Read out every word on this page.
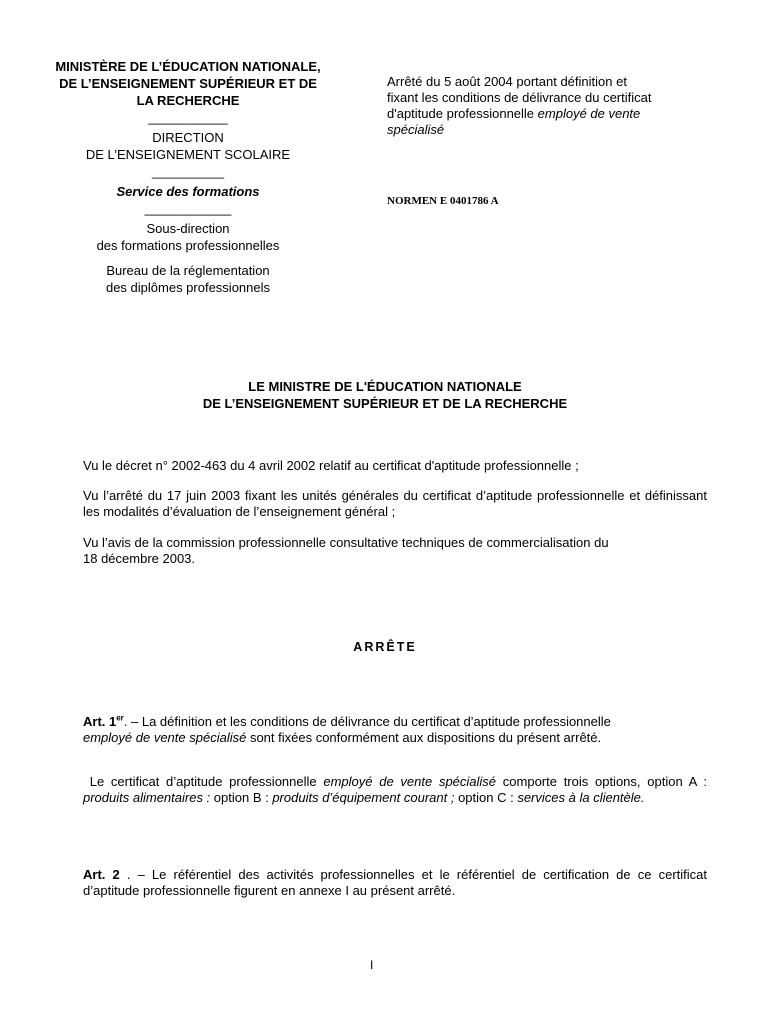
MINISTÈRE DE L’ÉDUCATION NATIONALE,
DE L’ENSEIGNEMENT SUPÉRIEUR ET DE
LA RECHERCHE
___________
DIRECTION
DE L’ENSEIGNEMENT SCOLAIRE
__________
Service des formations
____________
Sous-direction
des formations professionnelles
Bureau de la réglementation
des diplômes professionnels
Arrêté du 5 août 2004 portant définition et
fixant les conditions de délivrance du certificat
d'aptitude professionnelle employé de vente
spécialisé
NORMEN E 0401786 A
LE MINISTRE DE L'ÉDUCATION NATIONALE
DE L’ENSEIGNEMENT SUPÉRIEUR ET DE LA RECHERCHE
Vu le décret n° 2002-463 du 4 avril 2002 relatif au certificat d'aptitude professionnelle ;
Vu l’arrêté du 17 juin 2003 fixant les unités générales du certificat d’aptitude professionnelle et définissant les modalités d’évaluation de l’enseignement général ;
Vu l’avis de la commission professionnelle consultative techniques de commercialisation du
18 décembre 2003.
ARRÊTE
Art. 1er. – La définition et les conditions de délivrance du certificat d’aptitude professionnelle
employé de vente spécialisé sont fixées conformément aux dispositions du présent arrêté.
Le certificat d’aptitude professionnelle employé de vente spécialisé comporte trois options, option A : produits alimentaires : option B : produits d’équipement courant ; option C : services à la clientèle.
Art. 2 . – Le référentiel des activités professionnelles et le référentiel de certification de ce certificat d’aptitude professionnelle figurent en annexe I au présent arrêté.
I
